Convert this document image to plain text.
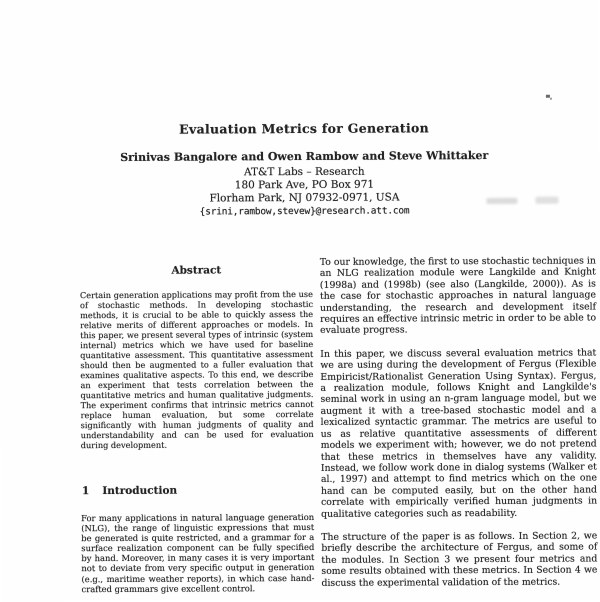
Evaluation Metrics for Generation
Srinivas Bangalore and Owen Rambow and Steve Whittaker
AT&T Labs – Research
180 Park Ave, PO Box 971
Florham Park, NJ 07932-0971, USA
{srini,rambow,stevew}@research.att.com
Abstract

Certain generation applications may profit from the use of stochastic methods. In developing stochastic methods, it is crucial to be able to quickly assess the relative merits of different approaches or models. In this paper, we present several types of intrinsic (system internal) metrics which we have used for baseline quantitative assessment. This quantitative assessment should then be augmented to a fuller evaluation that examines qualitative aspects. To this end, we describe an experiment that tests correlation between the quantitative metrics and human qualitative judgments. The experiment confirms that intrinsic metrics cannot replace human evaluation, but some correlate significantly with human judgments of quality and understandability and can be used for evaluation during development.

1 Introduction

For many applications in natural language generation (NLG), the range of linguistic expressions that must be generated is quite restricted, and a grammar for a surface realization component can be fully specified by hand. Moreover, in many cases it is very important not to deviate from very specific output in generation (e.g., maritime weather reports), in which case hand-crafted grammars give excellent control.

To our knowledge, the first to use stochastic techniques in an NLG realization module were Langkilde and Knight (1998a) and (1998b) (see also (Langkilde, 2000)). As is the case for stochastic approaches in natural language understanding, the research and development itself requires an effective intrinsic metric in order to be able to evaluate progress.

In this paper, we discuss several evaluation metrics that we are using during the development of Fergus (Flexible Empiricist/Rationalist Generation Using Syntax). Fergus, a realization module, follows Knight and Langkilde's seminal work in using an n-gram language model, but we augment it with a tree-based stochastic model and a lexicalized syntactic grammar. The metrics are useful to us as relative quantitative assessments of different models we experiment with; however, we do not pretend that these metrics in themselves have any validity. Instead, we follow work done in dialog systems (Walker et al., 1997) and attempt to find metrics which on the one hand can be computed easily, but on the other hand correlate with empirically verified human judgments in qualitative categories such as readability.

The structure of the paper is as follows. In Section 2, we briefly describe the architecture of Fergus, and some of the modules. In Section 3 we present four metrics and some results obtained with these metrics. In Section 4 we discuss the experimental validation of the metrics.
